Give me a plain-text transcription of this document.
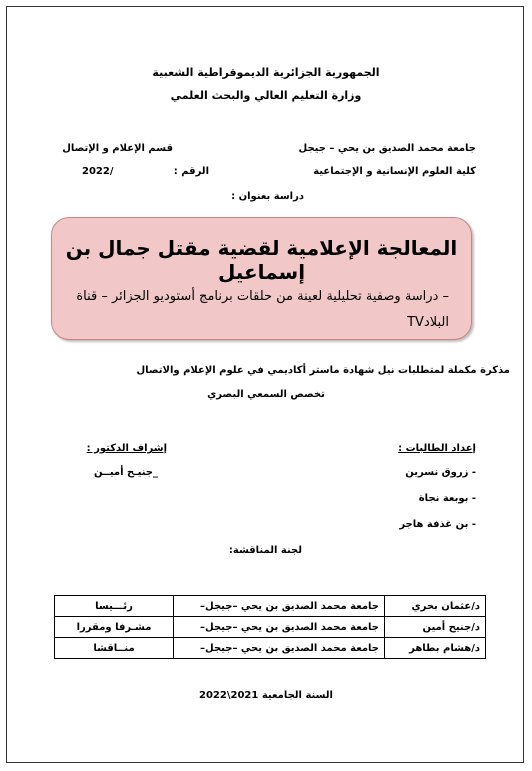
الجمهورية الجزائرية الديموقراطية الشعبية
وزارة التعليم العالي والبحث العلمي
جامعة محمد الصديق بن يحي – جيجل
قسم الإعلام و الإتصال
كلية العلوم الإنسانية و الإجتماعية
الرقم :
2022/
دراسة بعنوان :
المعالجة الإعلامية لقضية مقتل جمال بن إسماعيل
– دراسة وصفية تحليلية لعينة من حلقات برنامج أستوديو الجزائر – قناة البلادTV
مذكرة مكملة لمتطلبات نيل شهادة ماستر أكاديمي في علوم الإعلام والاتصال
تخصص السمعي البصري
إعداد الطالبات :
- زروق نسرين
- بوبعة نجاة
- بن غذفة هاجر
إشراف الدكتور :
_جنيـح أميــن
لجنة المناقشة:
د/عثمان بحري	جامعة محمد الصديق بن يحي –جيجل–	رئـــيسا
د/جنيح أمين	جامعة محمد الصديق بن يحي –جيجل–	مشـرفا ومقررا
د/هشام بطاهر	جامعة محمد الصديق بن يحي –جيجل–	منــاقشا
السنة الجامعية 2021\2022
